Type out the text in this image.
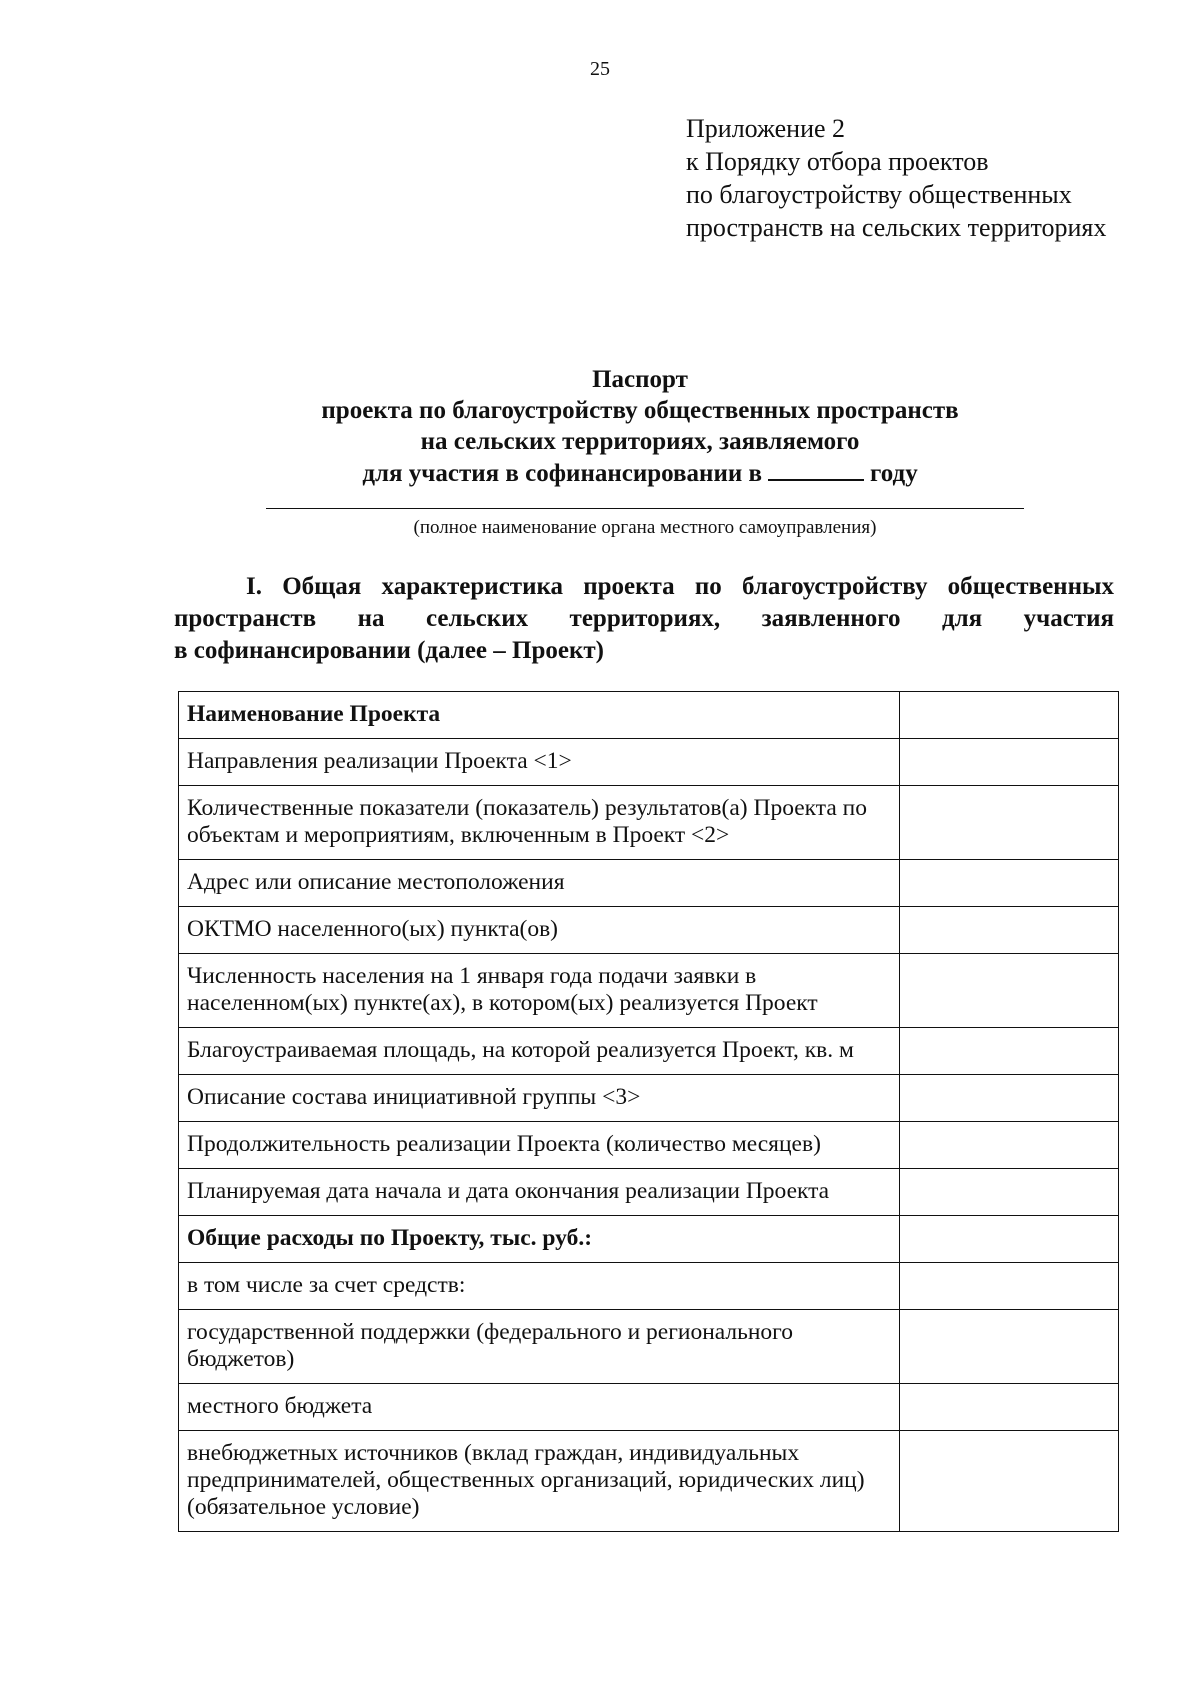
25
Приложение 2
к Порядку отбора проектов
по благоустройству общественных
пространств на сельских территориях
Паспорт
проекта по благоустройству общественных пространств
на сельских территориях, заявляемого
для участия в софинансировании в	году
(полное наименование органа местного самоуправления)
I. Общая характеристика проекта по благоустройству общественных
пространств на сельских территориях, заявленного для участия
в софинансировании (далее – Проект)
Наименование Проекта	
Направления реализации Проекта <1>	
Количественные показатели (показатель) результатов(а) Проекта по объектам и мероприятиям, включенным в Проект <2>	
Адрес или описание местоположения	
ОКТМО населенного(ых) пункта(ов)	
Численность населения на 1 января года подачи заявки в населенном(ых) пункте(ах), в котором(ых) реализуется Проект	
Благоустраиваемая площадь, на которой реализуется Проект, кв. м	
Описание состава инициативной группы <3>	
Продолжительность реализации Проекта (количество месяцев)	
Планируемая дата начала и дата окончания реализации Проекта	
Общие расходы по Проекту, тыс. руб.:	
в том числе за счет средств:	
государственной поддержки (федерального и регионального бюджетов)	
местного бюджета	
внебюджетных источников (вклад граждан, индивидуальных предпринимателей, общественных организаций, юридических лиц) (обязательное условие)	
